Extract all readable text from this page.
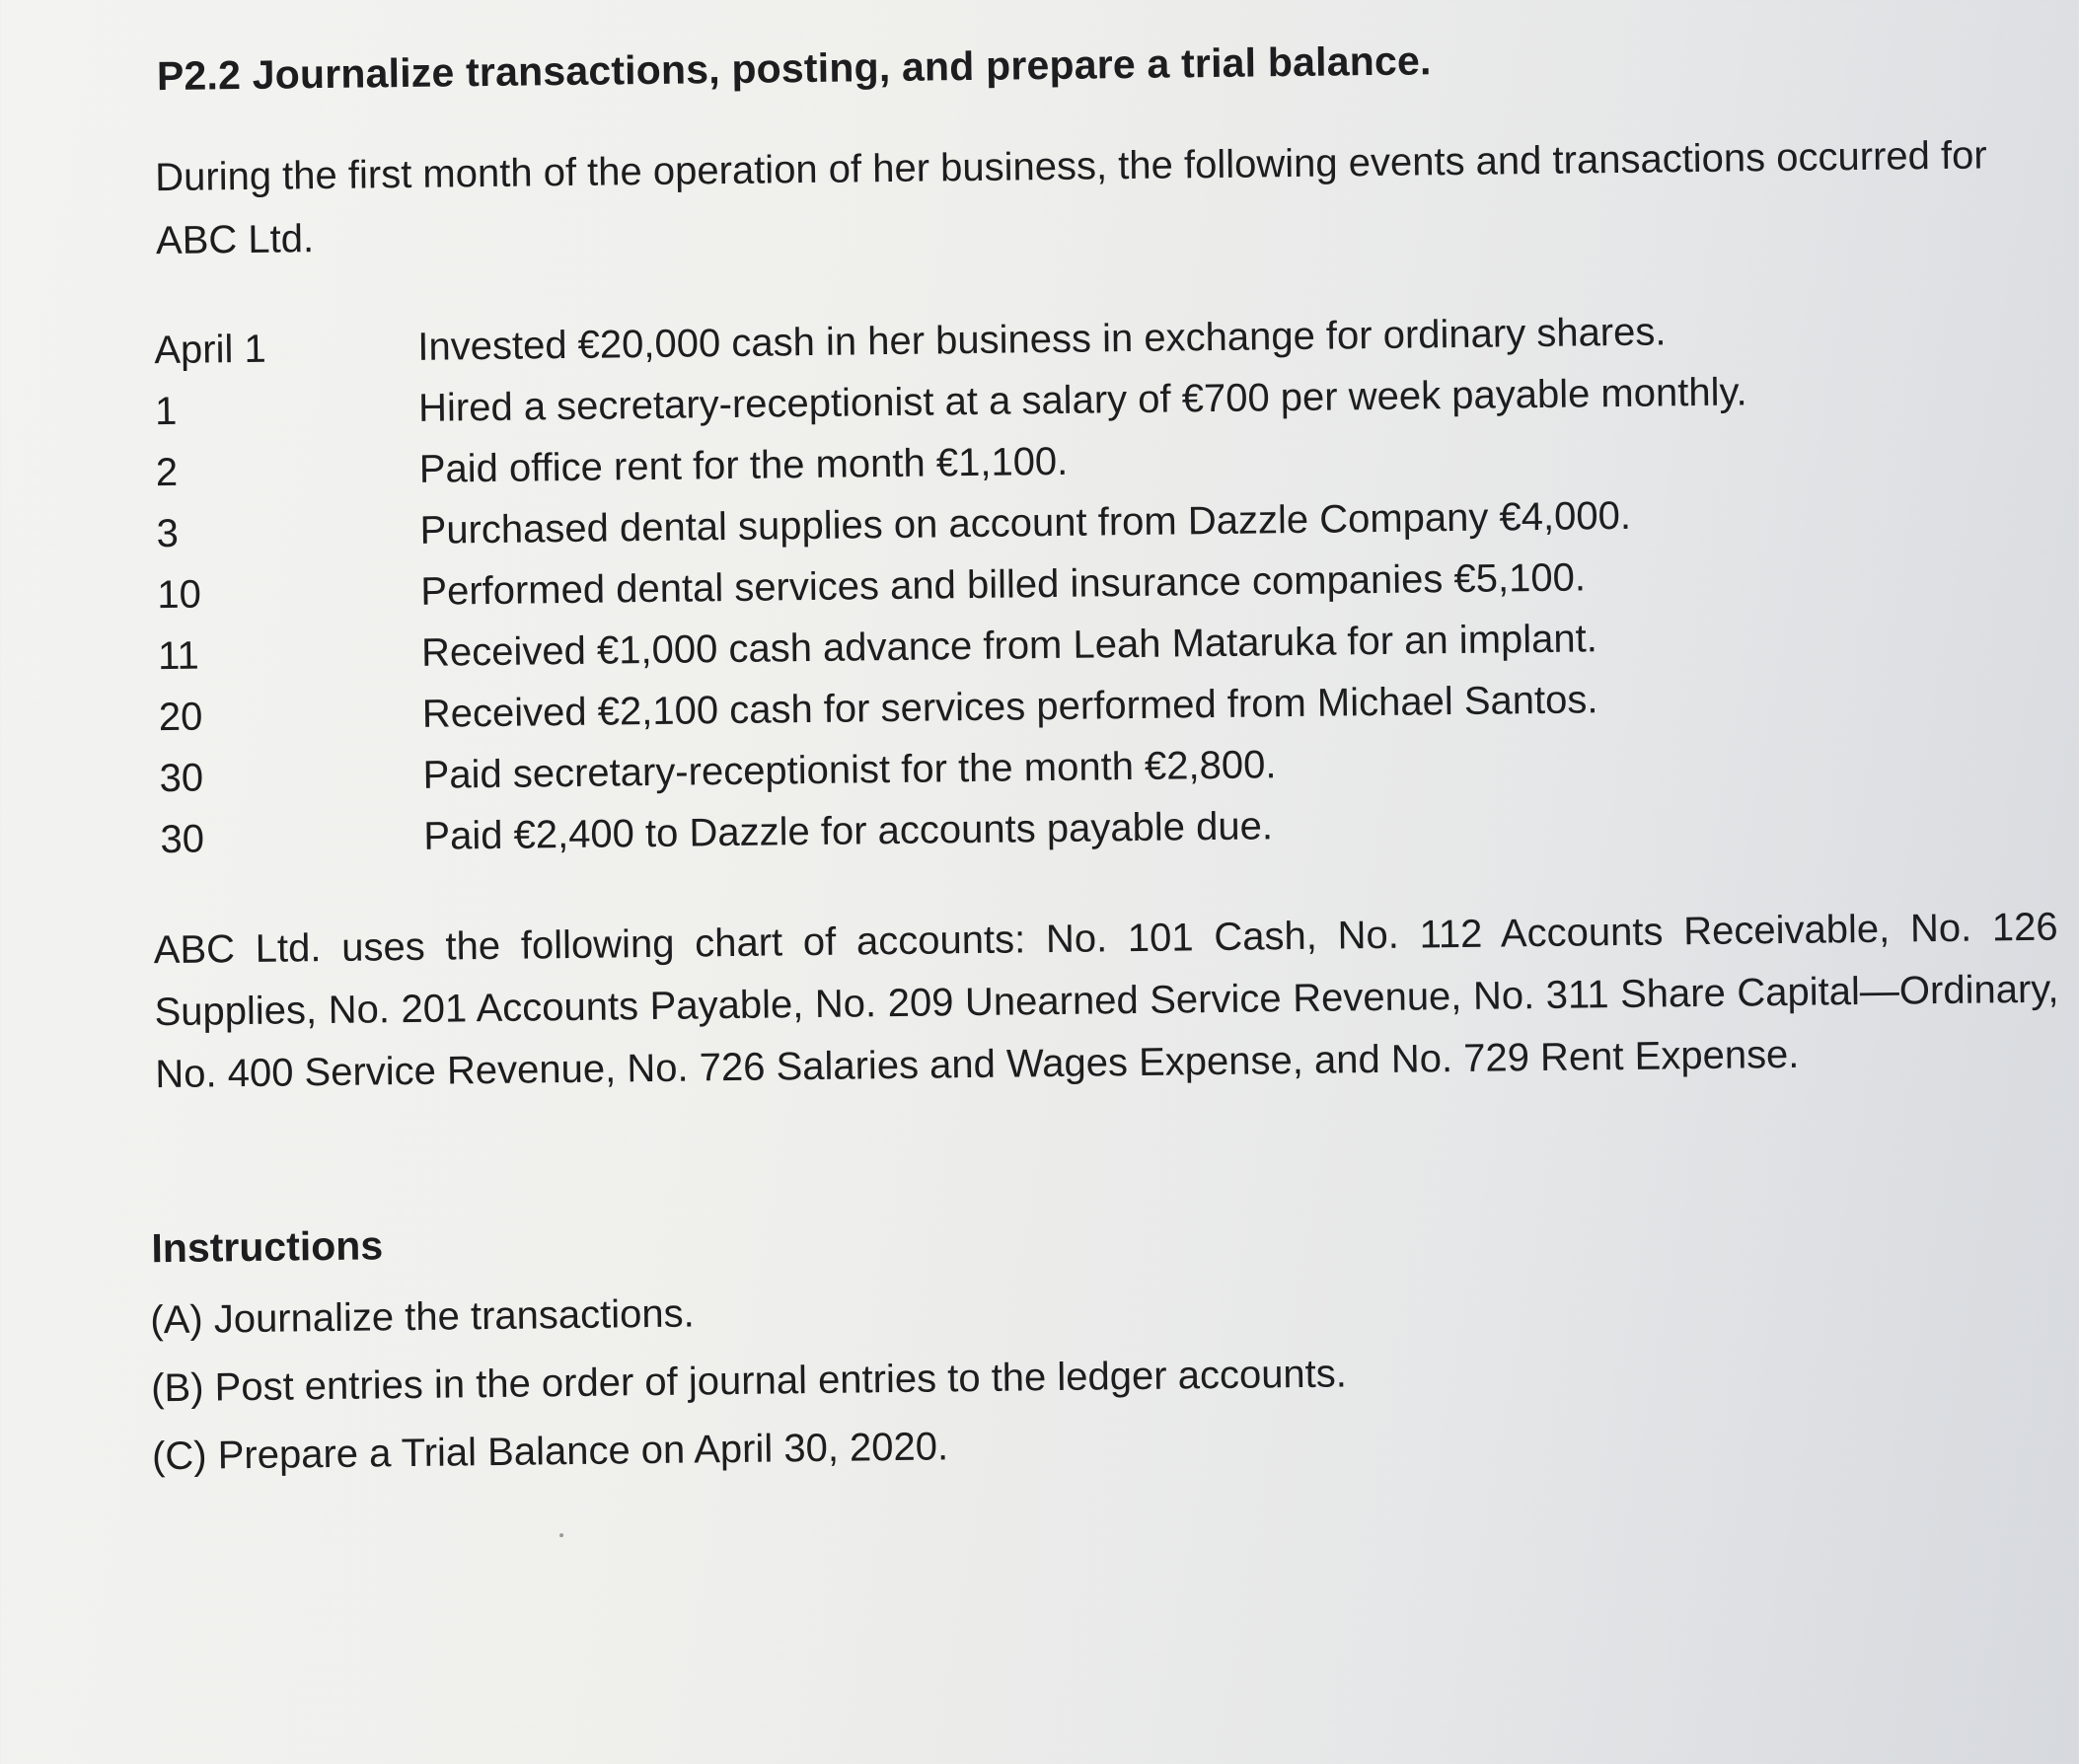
P2.2 Journalize transactions, posting, and prepare a trial balance.
During the first month of the operation of her business, the following events and transactions occurred for ABC Ltd.
April 1	Invested €20,000 cash in her business in exchange for ordinary shares.
1	Hired a secretary-receptionist at a salary of €700 per week payable monthly.
2	Paid office rent for the month €1,100.
3	Purchased dental supplies on account from Dazzle Company €4,000.
10	Performed dental services and billed insurance companies €5,100.
11	Received €1,000 cash advance from Leah Mataruka for an implant.
20	Received €2,100 cash for services performed from Michael Santos.
30	Paid secretary-receptionist for the month €2,800.
30	Paid €2,400 to Dazzle for accounts payable due.
ABC Ltd. uses the following chart of accounts: No. 101 Cash, No. 112 Accounts Receivable, No. 126 Supplies, No. 201 Accounts Payable, No. 209 Unearned Service Revenue, No. 311 Share Capital—Ordinary, No. 400 Service Revenue, No. 726 Salaries and Wages Expense, and No. 729 Rent Expense.
Instructions
(A) Journalize the transactions.
(B) Post entries in the order of journal entries to the ledger accounts.
(C) Prepare a Trial Balance on April 30, 2020.
